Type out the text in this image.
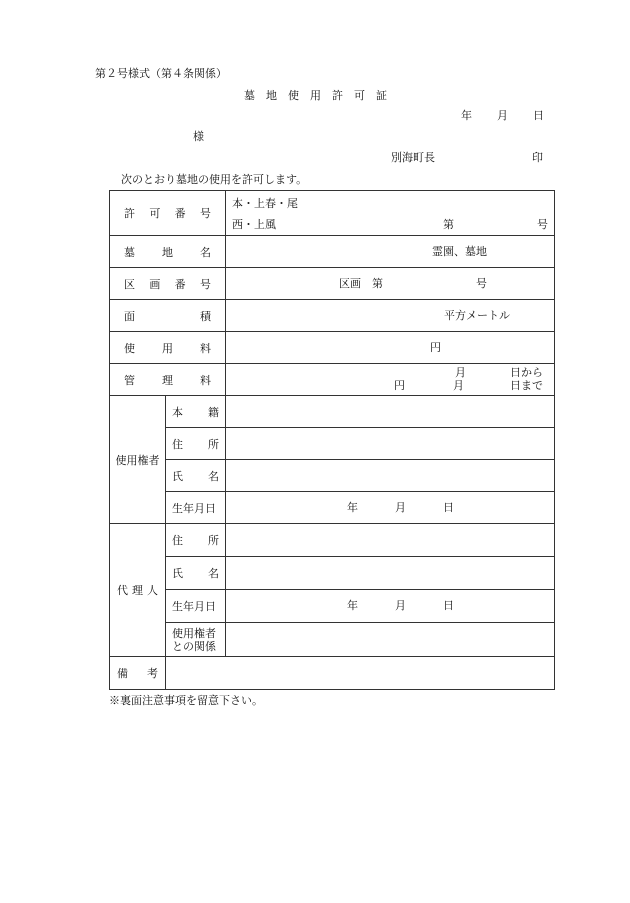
第２号様式（第４条関係）
墓　地　使　用　許　可　証
年 月 日
様
別海町長	印
次のとおり墓地の使用を許可します。
許 可 番 号		本・上春・尾
西・上風 第 号

墓 地 名		霊園、墓地

区 画 番 号		区画　第 号

面 積		平方メートル

使 用 料		円

管 理 料		月 日から
円 月 日まで

使用権者	本 籍	

	住 所	

	氏 名	

	生年月日	年 月 日

代 理 人	住 所	

	氏 名	

	生年月日	年 月 日

	使用権者
との関係	

備 考		

※裏面注意事項を留意下さい。
